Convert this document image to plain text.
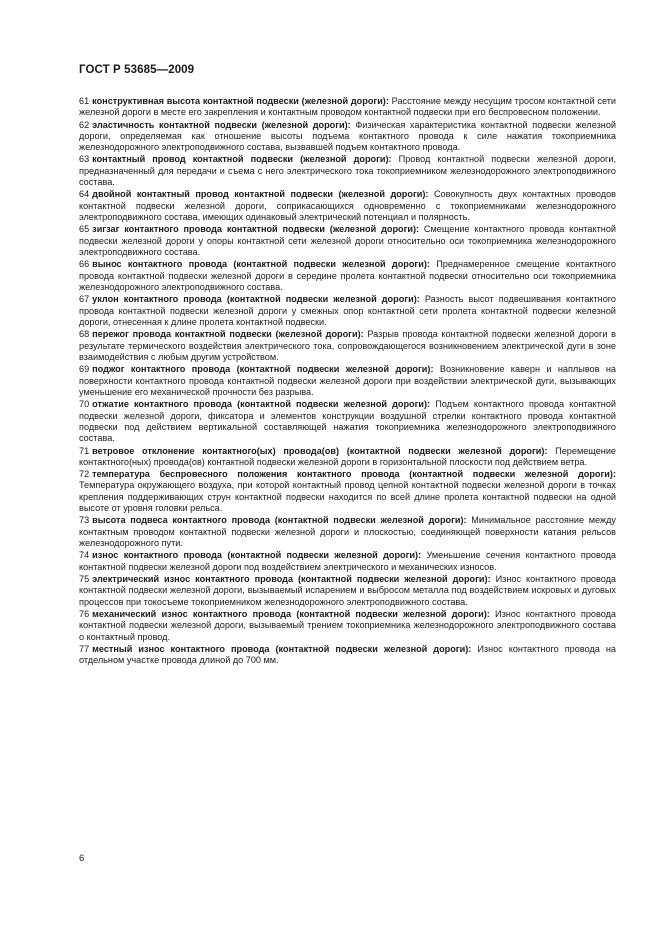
ГОСТ Р 53685—2009

61 конструктивная высота контактной подвески (железной дороги): Расстояние между несущим тросом контактной сети железной дороги в месте его закрепления и контактным проводом контактной подвески при его беспровесном положении.

62 эластичность контактной подвески (железной дороги): Физическая характеристика контактной подвески железной дороги, определяемая как отношение высоты подъема контактного провода к силе нажатия токоприемника железнодорожного электроподвижного состава, вызвавшей подъем контактного провода.

63 контактный провод контактной подвески (железной дороги): Провод контактной подвески железной дороги, предназначенный для передачи и съема с него электрического тока токоприемником железнодорожного электроподвижного состава.

64 двойной контактный провод контактной подвески (железной дороги): Совокупность двух контактных проводов контактной подвески железной дороги, соприкасающихся одновременно с токоприемниками железнодорожного электроподвижного состава, имеющих одинаковый электрический потенциал и полярность.

65 зигзаг контактного провода контактной подвески (железной дороги): Смещение контактного провода контактной подвески железной дороги у опоры контактной сети железной дороги относительно оси токоприемника железнодорожного электроподвижного состава.

66 вынос контактного провода (контактной подвески железной дороги): Преднамеренное смещение контактного провода контактной подвески железной дороги в середине пролета контактной подвески относительно оси токоприемника железнодорожного электроподвижного состава.

67 уклон контактного провода (контактной подвески железной дороги): Разность высот подвешивания контактного провода контактной подвески железной дороги у смежных опор контактной сети пролета контактной подвески железной дороги, отнесенная к длине пролета контактной подвески.

68 пережог провода контактной подвески (железной дороги): Разрыв провода контактной подвески железной дороги в результате термического воздействия электрического тока, сопровождающегося возникновением электрической дуги в зоне взаимодействия с любым другим устройством.

69 поджог контактного провода (контактной подвески железной дороги): Возникновение каверн и наплывов на поверхности контактного провода контактной подвески железной дороги при воздействии электрической дуги, вызывающих уменьшение его механической прочности без разрыва.

70 отжатие контактного провода (контактной подвески железной дороги): Подъем контактного провода контактной подвески железной дороги, фиксатора и элементов конструкции воздушной стрелки контактного провода контактной подвески под действием вертикальной составляющей нажатия токоприемника железнодорожного электроподвижного состава.

71 ветровое отклонение контактного(ых) провода(ов) (контактной подвески железной дороги): Перемещение контактного(ных) провода(ов) контактной подвески железной дороги в горизонтальной плоскости под действием ветра.

72 температура беспровесного положения контактного провода (контактной подвески железной дороги): Температура окружающего воздуха, при которой контактный провод цепной контактной подвески железной дороги в точках крепления поддерживающих струн контактной подвески находится по всей длине пролета контактной подвески на одной высоте от уровня головки рельса.

73 высота подвеса контактного провода (контактной подвески железной дороги): Минимальное расстояние между контактным проводом контактной подвески железной дороги и плоскостью, соединяющей поверхности катания рельсов железнодорожного пути.

74 износ контактного провода (контактной подвески железной дороги): Уменьшение сечения контактного провода контактной подвески железной дороги под воздействием электрического и механических износов.

75 электрический износ контактного провода (контактной подвески железной дороги): Износ контактного провода контактной подвески железной дороги, вызываемый испарением и выбросом металла под воздействием искровых и дуговых процессов при токосъеме токоприемником железнодорожного электроподвижного состава.

76 механический износ контактного провода (контактной подвески железной дороги): Износ контактного провода контактной подвески железной дороги, вызываемый трением токоприемника железнодорожного электроподвижного состава о контактный провод.

77 местный износ контактного провода (контактной подвески железной дороги): Износ контактного провода на отдельном участке провода длиной до 700 мм.

6
